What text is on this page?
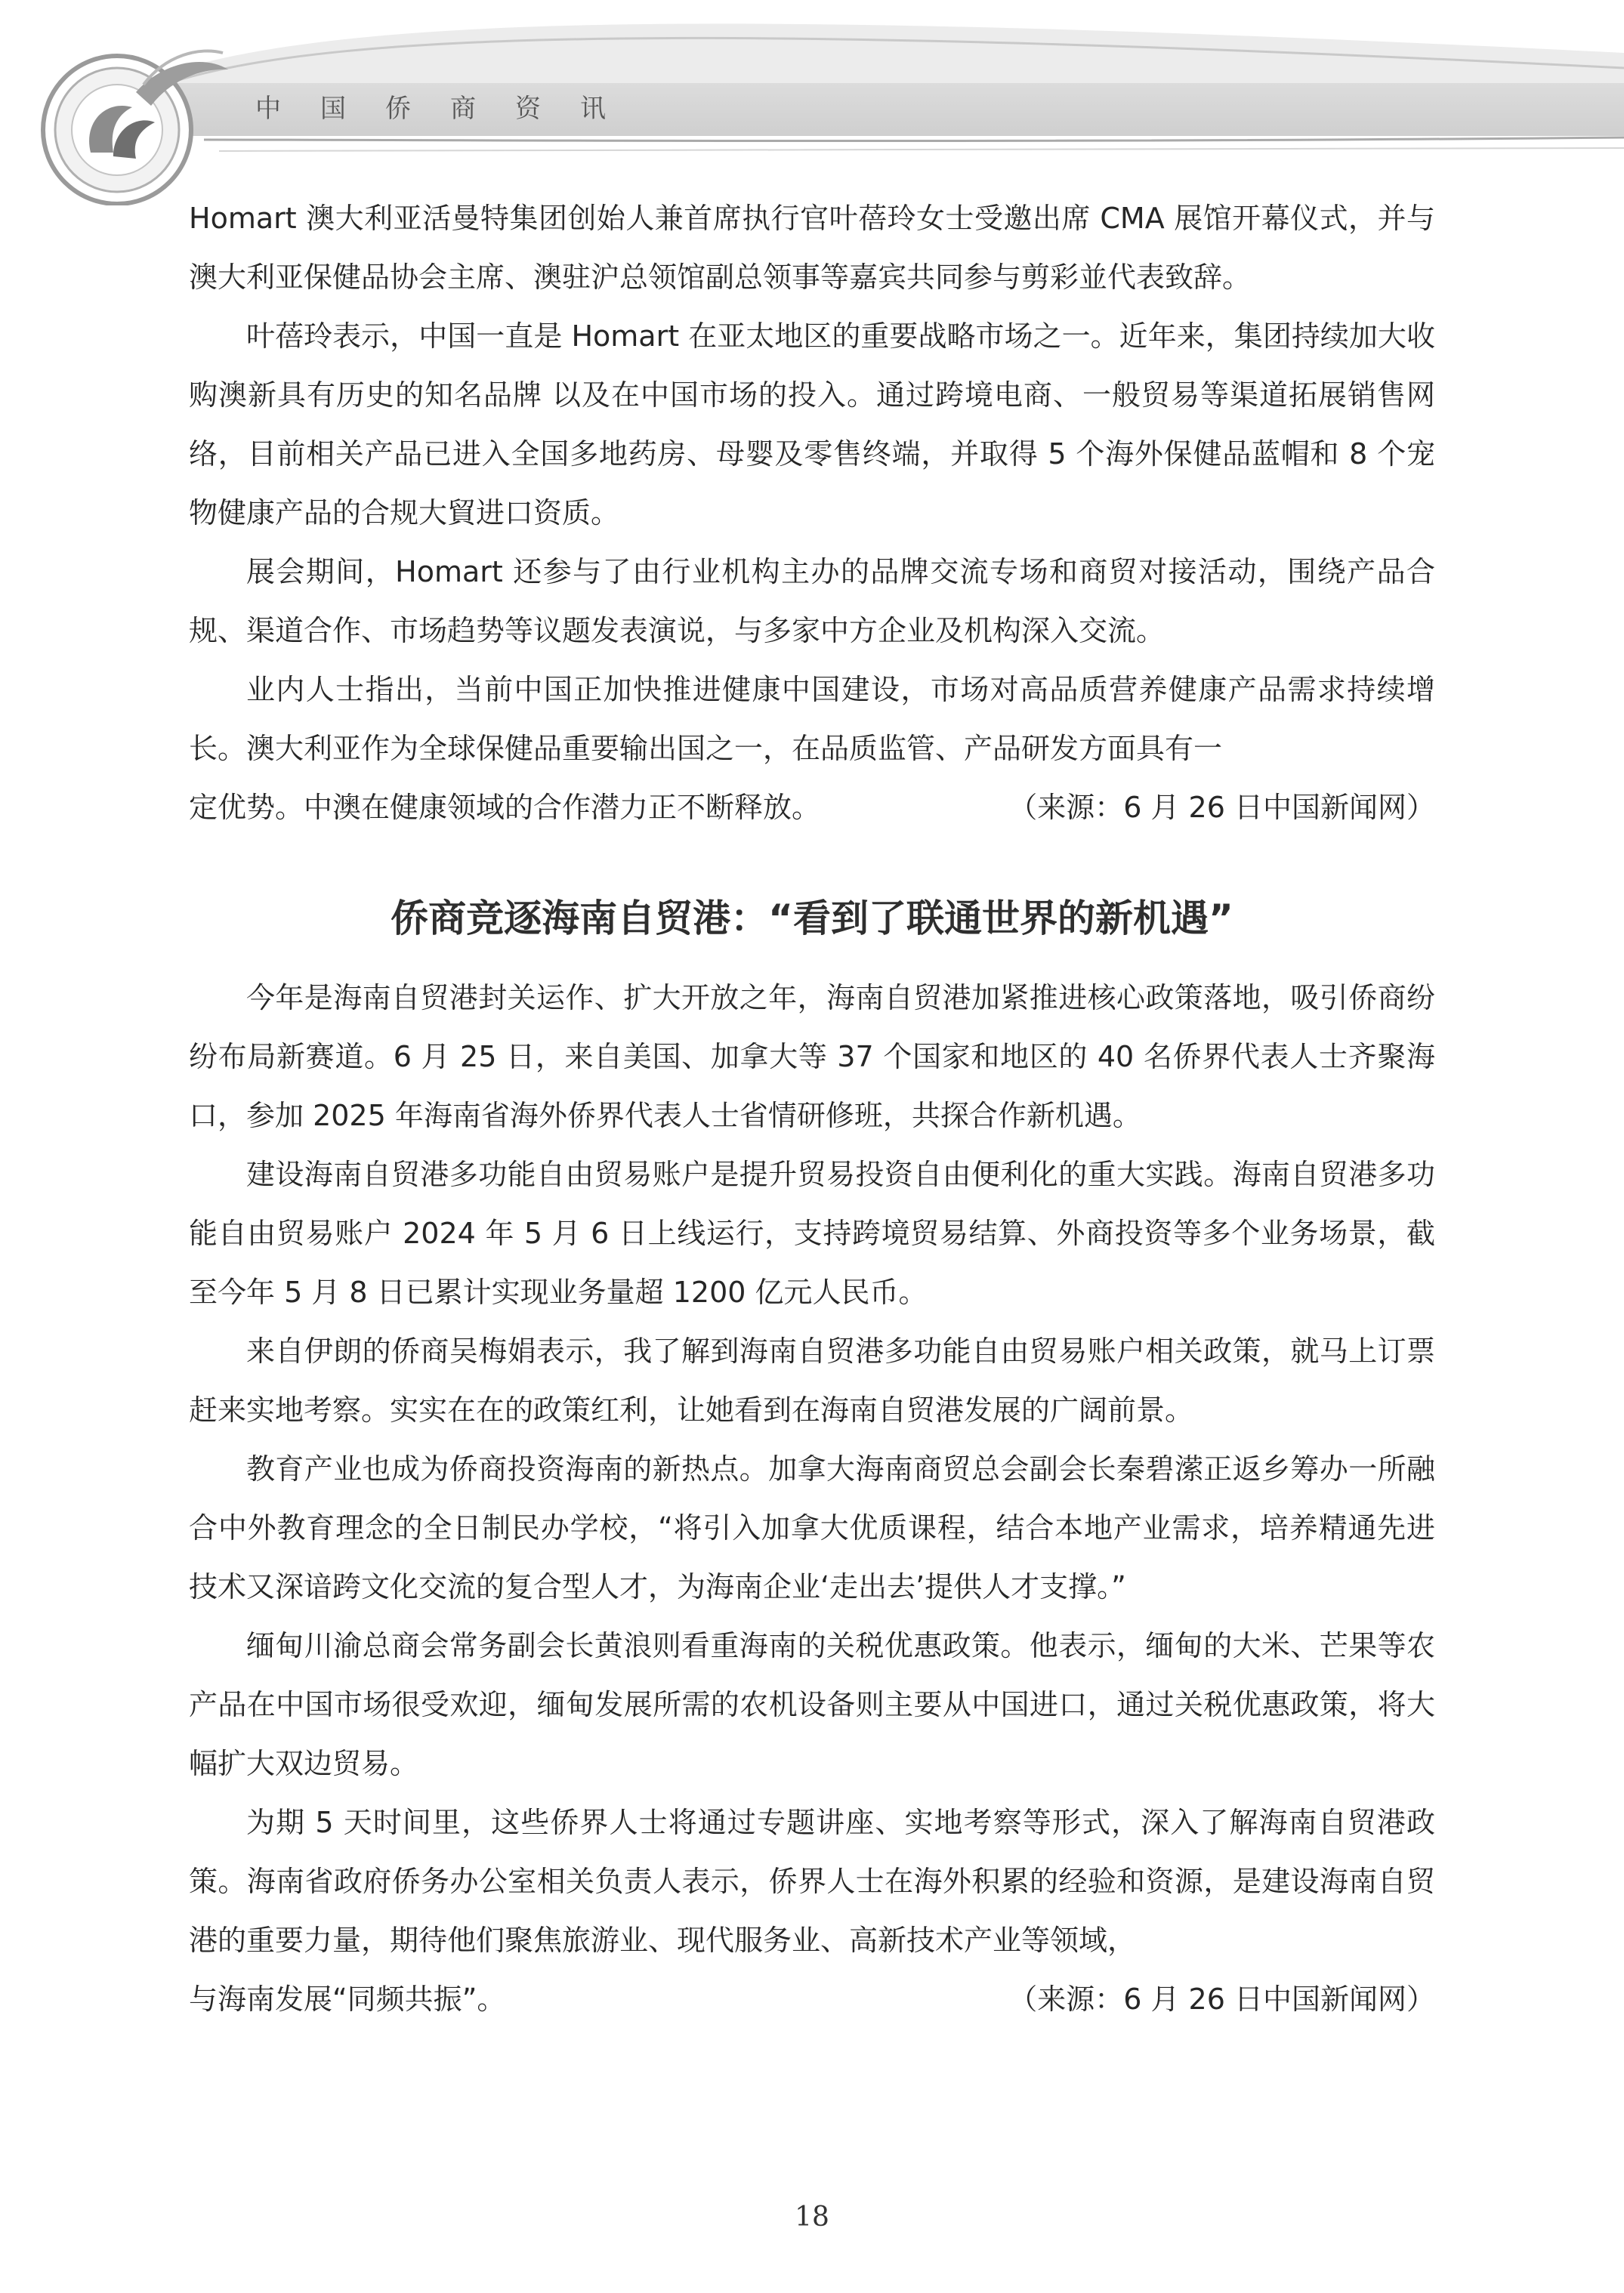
中国侨商资讯

Homart 澳大利亚活曼特集团创始人兼首席执行官叶蓓玲女士受邀出席 CMA 展馆开幕仪式，并与澳大利亚保健品协会主席、澳驻沪总领馆副总领事等嘉宾共同参与剪彩並代表致辞。

叶蓓玲表示，中国一直是 Homart 在亚太地区的重要战略市场之一。近年来，集团持续加大收购澳新具有历史的知名品牌 以及在中国市场的投入。通过跨境电商、一般贸易等渠道拓展销售网络，目前相关产品已进入全国多地药房、母婴及零售终端，并取得 5 个海外保健品蓝帽和 8 个宠物健康产品的合规大貿进口资质。

展会期间，Homart 还参与了由行业机构主办的品牌交流专场和商贸对接活动，围绕产品合规、渠道合作、市场趋势等议题发表演说，与多家中方企业及机构深入交流。

业内人士指出，当前中国正加快推进健康中国建设，市场对高品质营养健康产品需求持续增长。澳大利亚作为全球保健品重要输出国之一，在品质监管、产品研发方面具有一

定优势。中澳在健康领域的合作潜力正不断释放。	（来源：6 月 26 日中国新闻网）
侨商竞逐海南自贸港：“看到了联通世界的新机遇”

今年是海南自贸港封关运作、扩大开放之年，海南自贸港加紧推进核心政策落地，吸引侨商纷纷布局新赛道。6 月 25 日，来自美国、加拿大等 37 个国家和地区的 40 名侨界代表人士齐聚海口，参加 2025 年海南省海外侨界代表人士省情研修班，共探合作新机遇。

建设海南自贸港多功能自由贸易账户是提升贸易投资自由便利化的重大实践。海南自贸港多功能自由贸易账户 2024 年 5 月 6 日上线运行，支持跨境贸易结算、外商投资等多个业务场景，截至今年 5 月 8 日已累计实现业务量超 1200 亿元人民币。

来自伊朗的侨商吴梅娟表示，我了解到海南自贸港多功能自由贸易账户相关政策，就马上订票赶来实地考察。实实在在的政策红利，让她看到在海南自贸港发展的广阔前景。

教育产业也成为侨商投资海南的新热点。加拿大海南商贸总会副会长秦碧潆正返乡筹办一所融合中外教育理念的全日制民办学校，“将引入加拿大优质课程，结合本地产业需求，培养精通先进技术又深谙跨文化交流的复合型人才，为海南企业‘走出去’提供人才支撑。”

缅甸川渝总商会常务副会长黄浪则看重海南的关税优惠政策。他表示，缅甸的大米、芒果等农产品在中国市场很受欢迎，缅甸发展所需的农机设备则主要从中国进口，通过关税优惠政策，将大幅扩大双边贸易。

为期 5 天时间里，这些侨界人士将通过专题讲座、实地考察等形式，深入了解海南自贸港政策。海南省政府侨务办公室相关负责人表示，侨界人士在海外积累的经验和资源，是建设海南自贸港的重要力量，期待他们聚焦旅游业、现代服务业、高新技术产业等领域，

与海南发展“同频共振”。	（来源：6 月 26 日中国新闻网）
18
